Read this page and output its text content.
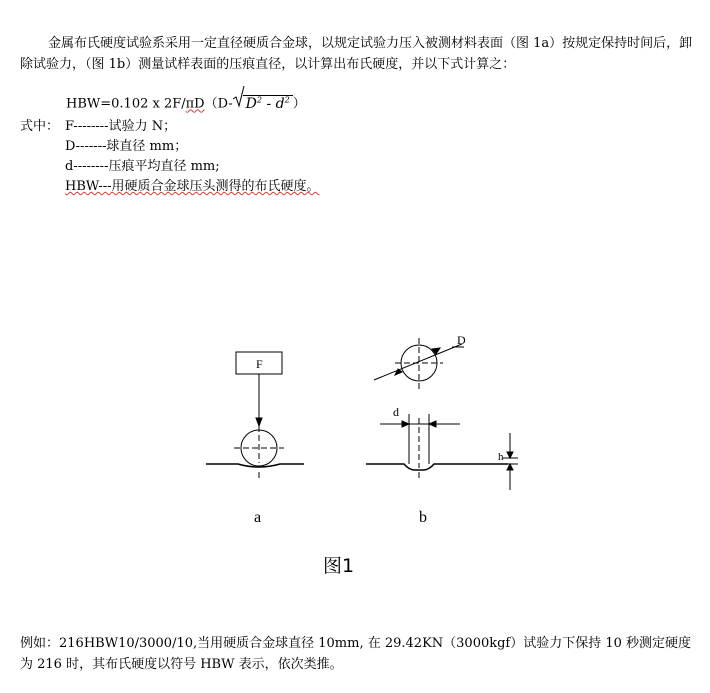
金属布氏硬度试验系采用一定直径硬质合金球，以规定试验力压入被测材料表面（图 1a）按规定保持时间后，卸除试验力，（图 1b）测量试样表面的压痕直径，以计算出布氏硬度，并以下式计算之：
HBW=0.102 x 2F/πD（D- $D^2 - d^2$ ）
式中： F--------试验力 N；
D-------球直径 mm；
d--------压痕平均直径 mm;
HBW---用硬质合金球压头测得的布氏硬度。
F
D
d
h
a	b
图1
例如：216HBW10/3000/10,当用硬质合金球直径 10mm, 在 29.42KN（3000kgf）试验力下保持 10 秒测定硬度为 216 时，其布氏硬度以符号 HBW 表示，依次类推。
